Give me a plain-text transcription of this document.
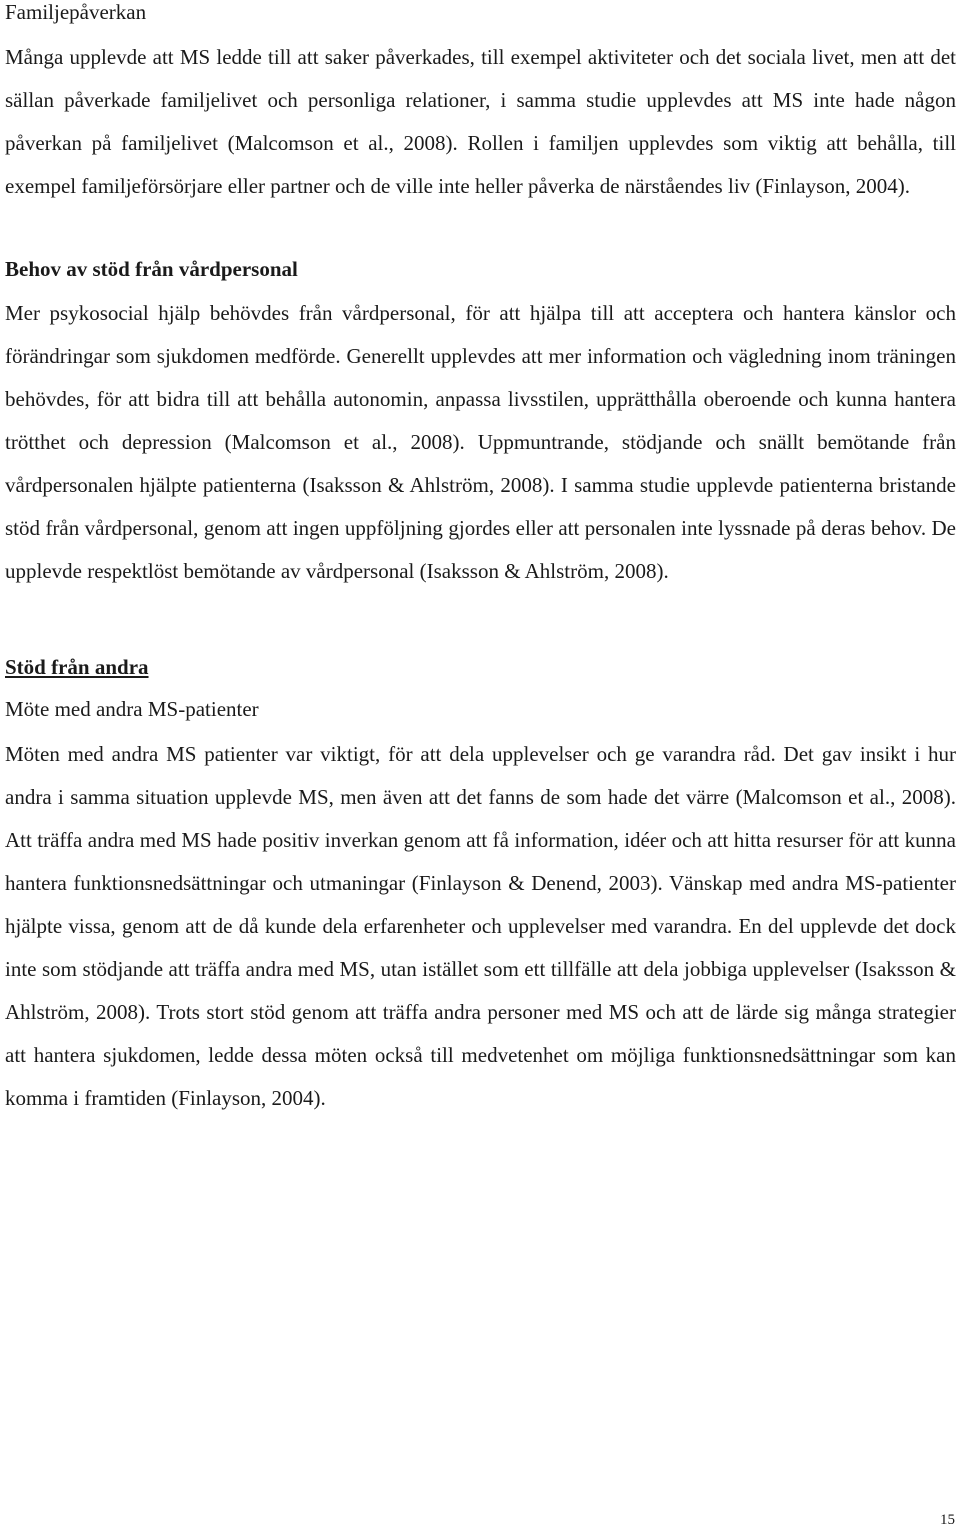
Familjepåverkan

Många upplevde att MS ledde till att saker påverkades, till exempel aktiviteter och det sociala livet, men att det sällan påverkade familjelivet och personliga relationer, i samma studie upplevdes att MS inte hade någon påverkan på familjelivet (Malcomson et al., 2008). Rollen i familjen upplevdes som viktig att behålla, till exempel familjeförsörjare eller partner och de ville inte heller påverka de närståendes liv (Finlayson, 2004).

Behov av stöd från vårdpersonal

Mer psykosocial hjälp behövdes från vårdpersonal, för att hjälpa till att acceptera och hantera känslor och förändringar som sjukdomen medförde. Generellt upplevdes att mer information och vägledning inom träningen behövdes, för att bidra till att behålla autonomin, anpassa livsstilen, upprätthålla oberoende och kunna hantera trötthet och depression (Malcomson et al., 2008). Uppmuntrande, stödjande och snällt bemötande från vårdpersonalen hjälpte patienterna (Isaksson & Ahlström, 2008). I samma studie upplevde patienterna bristande stöd från vårdpersonal, genom att ingen uppföljning gjordes eller att personalen inte lyssnade på deras behov. De upplevde respektlöst bemötande av vårdpersonal (Isaksson & Ahlström, 2008).

Stöd från andra

Möte med andra MS-patienter

Möten med andra MS patienter var viktigt, för att dela upplevelser och ge varandra råd. Det gav insikt i hur andra i samma situation upplevde MS, men även att det fanns de som hade det värre (Malcomson et al., 2008). Att träffa andra med MS hade positiv inverkan genom att få information, idéer och att hitta resurser för att kunna hantera funktionsnedsättningar och utmaningar (Finlayson & Denend, 2003). Vänskap med andra MS-patienter hjälpte vissa, genom att de då kunde dela erfarenheter och upplevelser med varandra. En del upplevde det dock inte som stödjande att träffa andra med MS, utan istället som ett tillfälle att dela jobbiga upplevelser (Isaksson & Ahlström, 2008). Trots stort stöd genom att träffa andra personer med MS och att de lärde sig många strategier att hantera sjukdomen, ledde dessa möten också till medvetenhet om möjliga funktionsnedsättningar som kan komma i framtiden (Finlayson, 2004).

15
